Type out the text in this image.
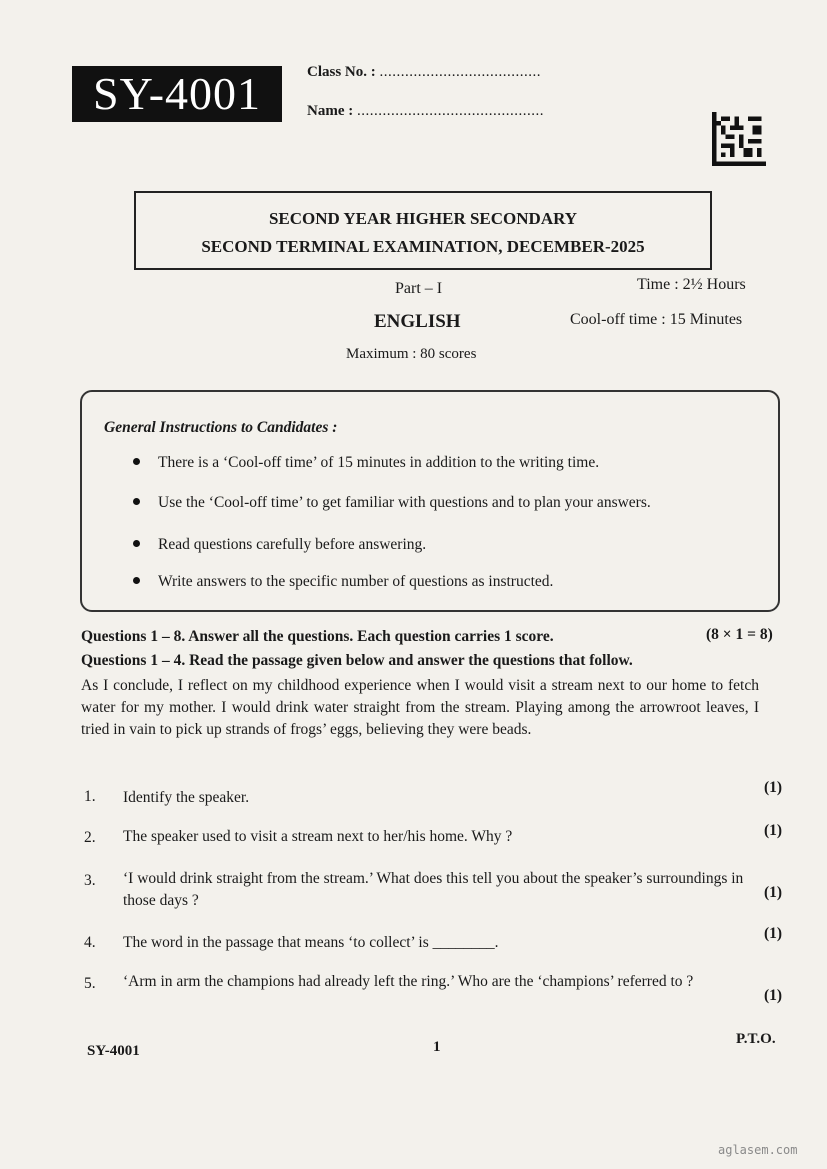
SY-4001	Class No. : ......................................
Name : ............................................
SECOND YEAR HIGHER SECONDARY
SECOND TERMINAL EXAMINATION, DECEMBER-2025
Part – I	Time : 2½ Hours
ENGLISH	Cool-off time : 15 Minutes
Maximum : 80 scores
General Instructions to Candidates :
There is a ‘Cool-off time’ of 15 minutes in addition to the writing time.
Use the ‘Cool-off time’ to get familiar with questions and to plan your answers.
Read questions carefully before answering.
Write answers to the specific number of questions as instructed.
Questions 1 – 8. Answer all the questions. Each question carries 1 score.	(8 × 1 = 8)
Questions 1 – 4. Read the passage given below and answer the questions that follow.
As I conclude, I reflect on my childhood experience when I would visit a stream next to our home to fetch water for my mother. I would drink water straight from the stream. Playing among the arrowroot leaves, I tried in vain to pick up strands of frogs’ eggs, believing they were beads.
1. Identify the speaker.
(1)
2. The speaker used to visit a stream next to her/his home. Why ?	(1)
3. ‘I would drink straight from the stream.’ What does this tell you about the speaker’s surroundings in those days ?	(1)
4. The word in the passage that means ‘to collect’ is ________.
(1)
5. ‘Arm in arm the champions had already left the ring.’ Who are the ‘champions’ referred to ?
(1)
SY-4001	1	P.T.O.
aglasem.com
